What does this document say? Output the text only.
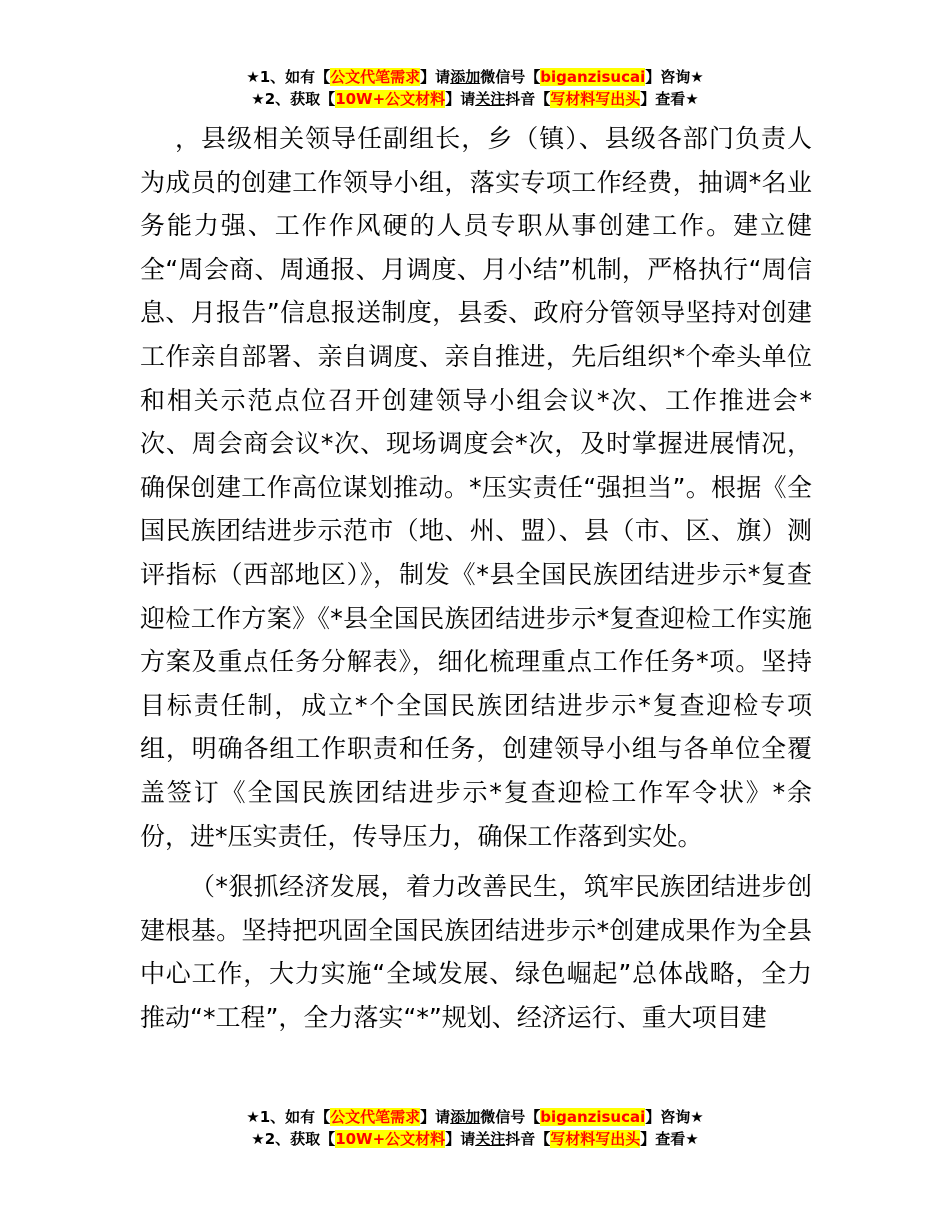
★1、如有【公文代笔需求】请添加微信号【biganzisucai】咨询★
★2、获取【10W+公文材料】请关注抖音【写材料写出头】查看★

，县级相关领导任副组长，乡（镇）、县级各部门负责人为成员的创建工作领导小组，落实专项工作经费，抽调*名业务能力强、工作作风硬的人员专职从事创建工作。建立健全“周会商、周通报、月调度、月小结”机制，严格执行“周信息、月报告”信息报送制度，县委、政府分管领导坚持对创建工作亲自部署、亲自调度、亲自推进，先后组织*个牵头单位和相关示范点位召开创建领导小组会议*次、工作推进会*次、周会商会议*次、现场调度会*次，及时掌握进展情况，确保创建工作高位谋划推动。*压实责任“强担当”。根据《全国民族团结进步示范市（地、州、盟）、县（市、区、旗）测评指标（西部地区）》，制发《*县全国民族团结进步示*复查迎检工作方案》《*县全国民族团结进步示*复查迎检工作实施方案及重点任务分解表》，细化梳理重点工作任务*项。坚持目标责任制，成立*个全国民族团结进步示*复查迎检专项组，明确各组工作职责和任务，创建领导小组与各单位全覆盖签订《全国民族团结进步示*复查迎检工作军令状》*余份，进*压实责任，传导压力，确保工作落到实处。

（*狠抓经济发展，着力改善民生，筑牢民族团结进步创建根基。坚持把巩固全国民族团结进步示*创建成果作为全县中心工作，大力实施“全域发展、绿色崛起”总体战略，全力推动“*工程”，全力落实“*”规划、经济运行、重大项目建

★1、如有【公文代笔需求】请添加微信号【biganzisucai】咨询★
★2、获取【10W+公文材料】请关注抖音【写材料写出头】查看★
